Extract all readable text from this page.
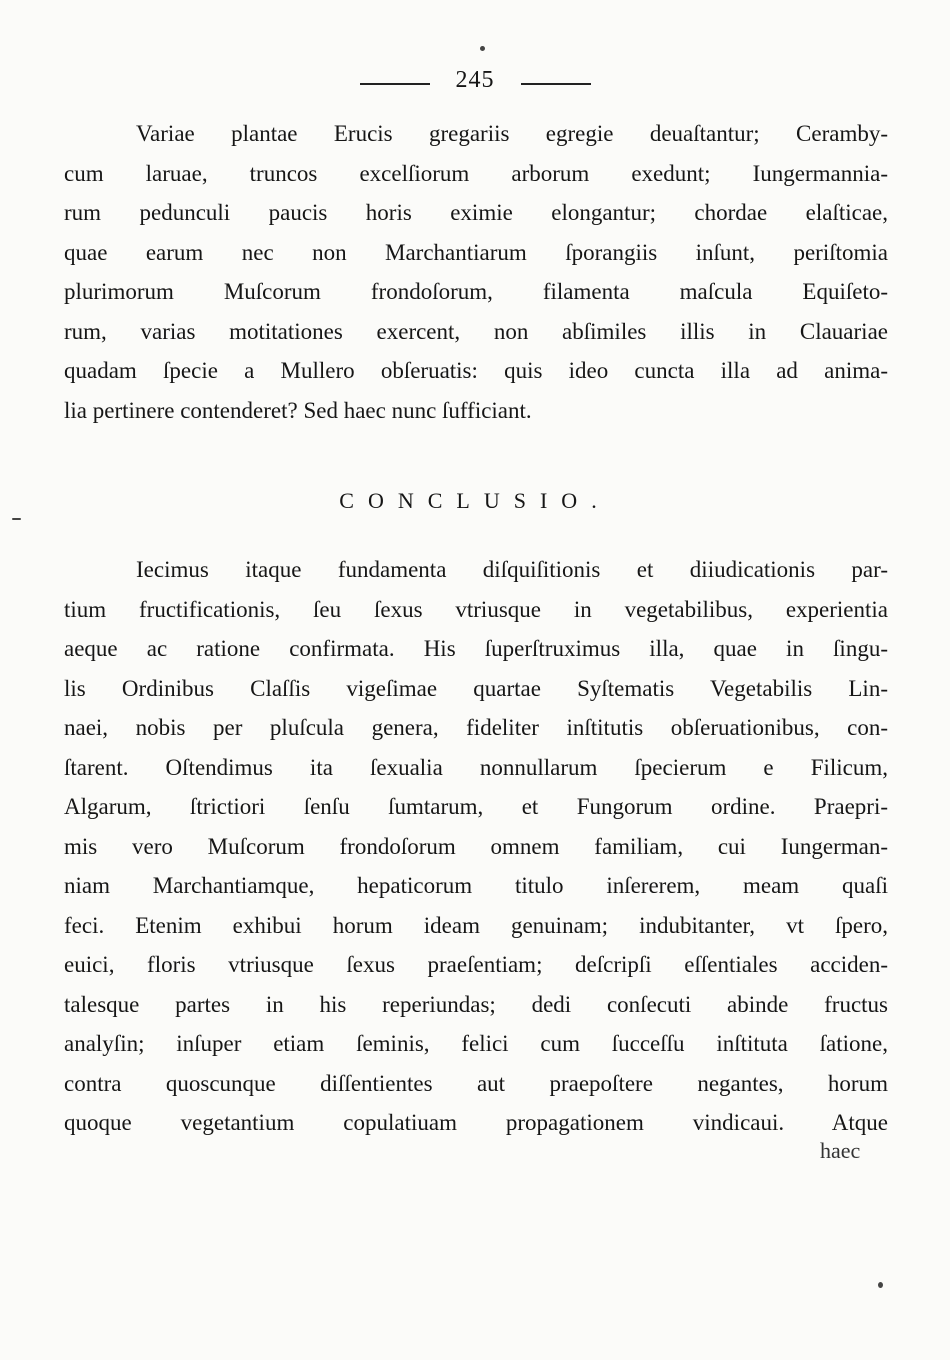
245
Variae plantae Erucis gregariis egregie deuaſtantur; Ceramby-
cum laruae, truncos excelſiorum arborum exedunt; Iungermannia-
rum pedunculi paucis horis eximie elongantur; chordae elaſticae,
quae earum nec non Marchantiarum ſporangiis inſunt, periſtomia
plurimorum Muſcorum frondoſorum, filamenta maſcula Equiſeto-
rum, varias motitationes exercent, non abſimiles illis in Clauariae
quadam ſpecie a Mullero obſeruatis: quis ideo cuncta illa ad anima-
lia pertinere contenderet? Sed haec nunc ſufficiant.
CONCLUSIO.
Iecimus itaque fundamenta diſquiſitionis et diiudicationis par-
tium fructificationis, ſeu ſexus vtriusque in vegetabilibus, experientia
aeque ac ratione confirmata. His ſuperſtruximus illa, quae in ſingu-
lis Ordinibus Claſſis vigeſimae quartae Syſtematis Vegetabilis Lin-
naei, nobis per pluſcula genera, fideliter inſtitutis obſeruationibus, con-
ſtarent. Oſtendimus ita ſexualia nonnullarum ſpecierum e Filicum,
Algarum, ſtrictiori ſenſu ſumtarum, et Fungorum ordine. Praepri-
mis vero Muſcorum frondoſorum omnem familiam, cui Iungerman-
niam Marchantiamque, hepaticorum titulo inſererem, meam quaſi
feci. Etenim exhibui horum ideam genuinam; indubitanter, vt ſpero,
euici, floris vtriusque ſexus praeſentiam; deſcripſi eſſentiales acciden-
talesque partes in his reperiundas; dedi conſecuti abinde fructus
analyſin; inſuper etiam ſeminis, felici cum ſucceſſu inſtituta ſatione,
contra quoscunque diſſentientes aut praepoſtere negantes, horum
quoque vegetantium copulatiuam propagationem vindicaui. Atque
haec
